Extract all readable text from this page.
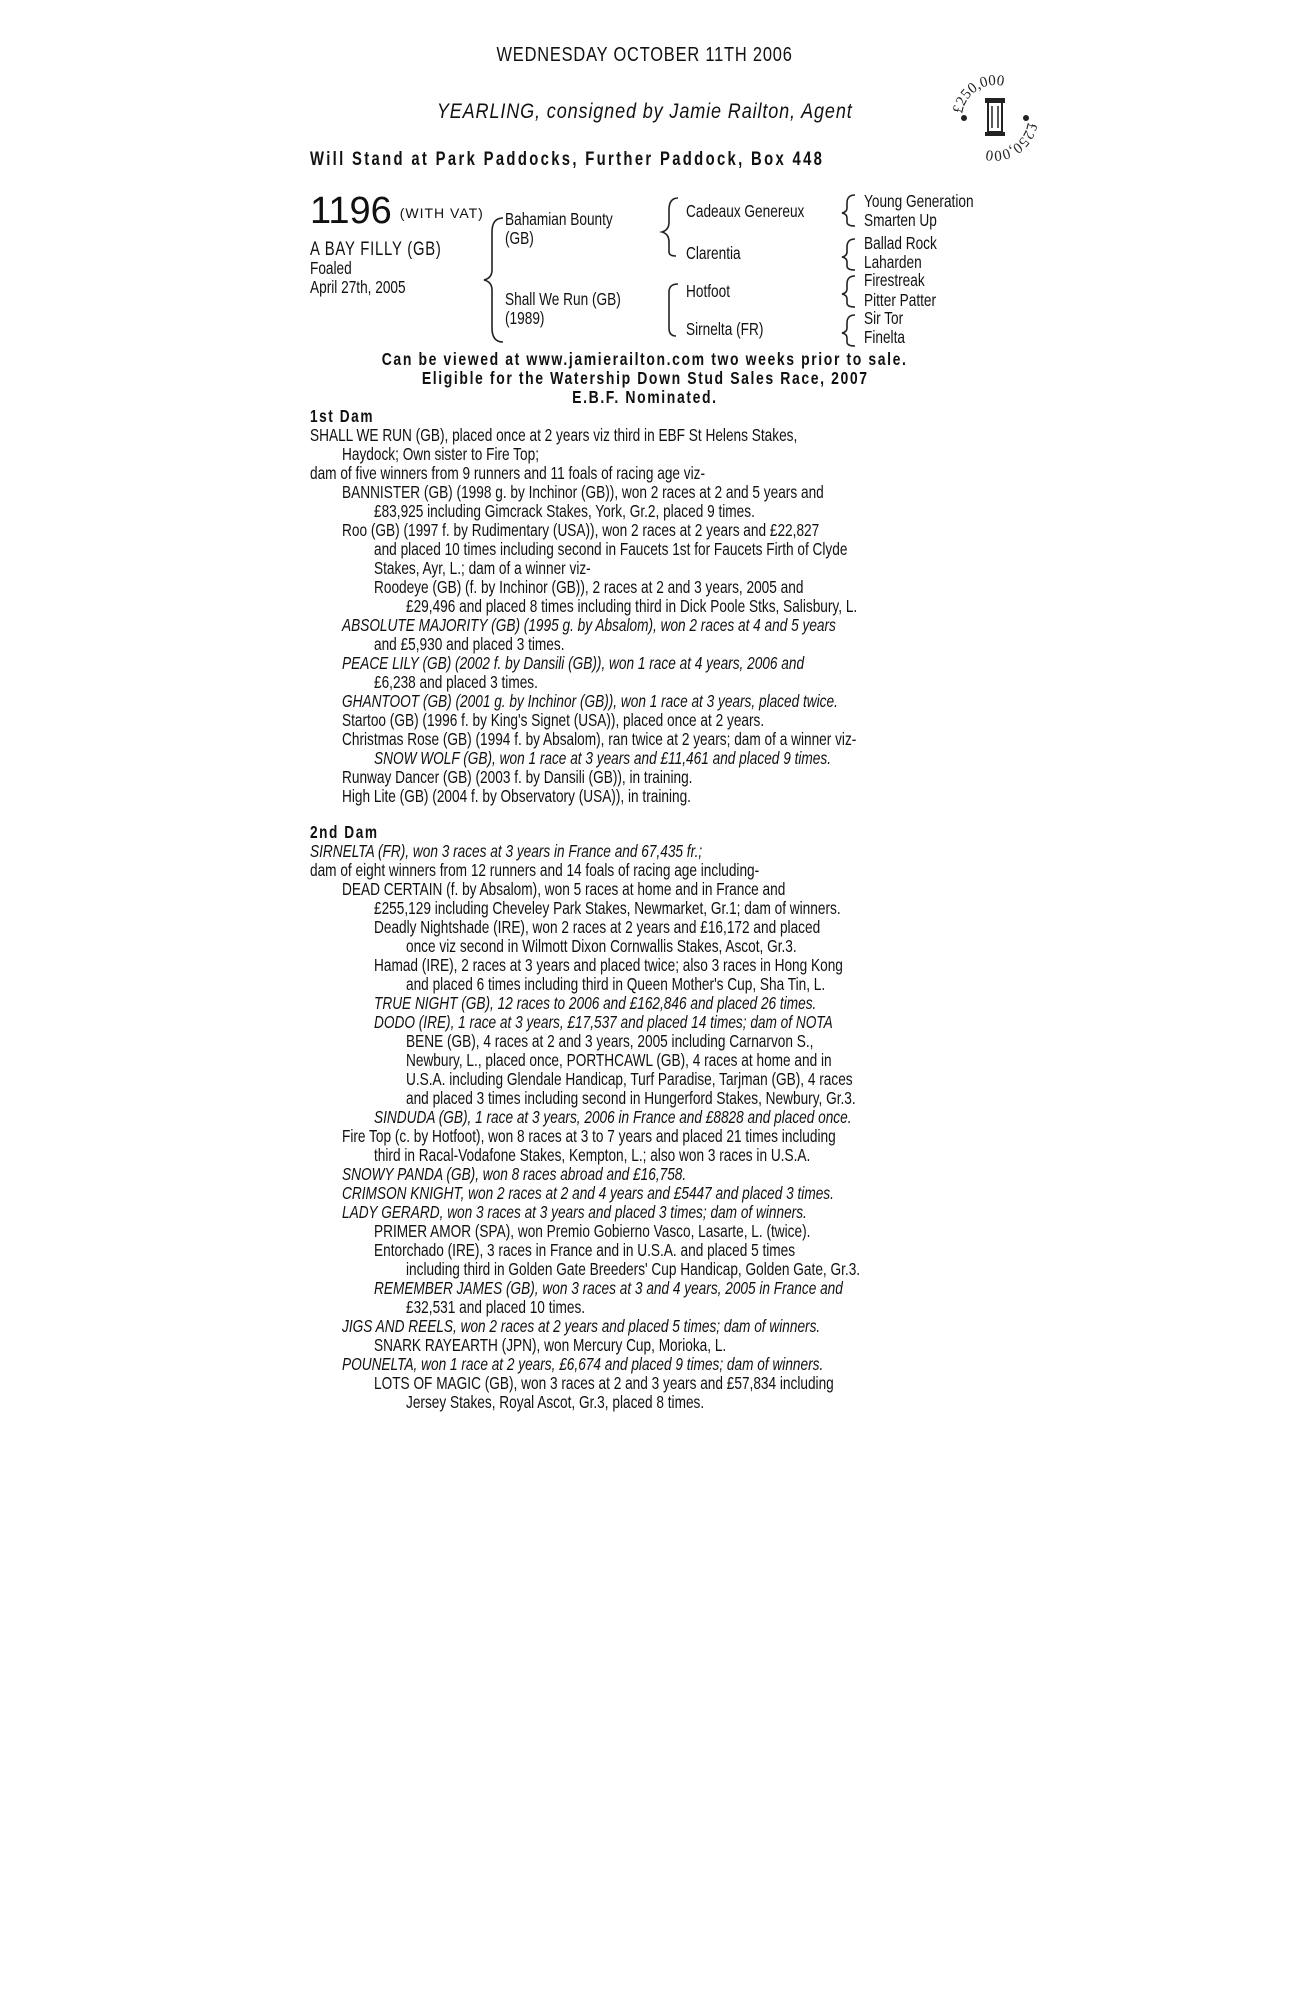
WEDNESDAY OCTOBER 11TH 2006
YEARLING, consigned by Jamie Railton, Agent
Will Stand at Park Paddocks, Further Paddock, Box 448
£250,000
£250,000
1196 (WITH VAT)
A BAY FILLY (GB)
Foaled
April 27th, 2005
Bahamian Bounty
(GB)
Shall We Run (GB)
(1989)
Cadeaux Genereux
Clarentia
Hotfoot
Sirnelta (FR)
Young Generation
Smarten Up
Ballad Rock
Laharden
Firestreak
Pitter Patter
Sir Tor
Finelta
Can be viewed at www.jamierailton.com two weeks prior to sale.
Eligible for the Watership Down Stud Sales Race, 2007
E.B.F. Nominated.
1st Dam
SHALL WE RUN (GB), placed once at 2 years viz third in EBF St Helens Stakes,
Haydock; Own sister to Fire Top;
dam of five winners from 9 runners and 11 foals of racing age viz-
BANNISTER (GB) (1998 g. by Inchinor (GB)), won 2 races at 2 and 5 years and
£83,925 including Gimcrack Stakes, York, Gr.2, placed 9 times.
Roo (GB) (1997 f. by Rudimentary (USA)), won 2 races at 2 years and £22,827
and placed 10 times including second in Faucets 1st for Faucets Firth of Clyde
Stakes, Ayr, L.; dam of a winner viz-
Roodeye (GB) (f. by Inchinor (GB)), 2 races at 2 and 3 years, 2005 and
£29,496 and placed 8 times including third in Dick Poole Stks, Salisbury, L.
ABSOLUTE MAJORITY (GB) (1995 g. by Absalom), won 2 races at 4 and 5 years
and £5,930 and placed 3 times.
PEACE LILY (GB) (2002 f. by Dansili (GB)), won 1 race at 4 years, 2006 and
£6,238 and placed 3 times.
GHANTOOT (GB) (2001 g. by Inchinor (GB)), won 1 race at 3 years, placed twice.
Startoo (GB) (1996 f. by King's Signet (USA)), placed once at 2 years.
Christmas Rose (GB) (1994 f. by Absalom), ran twice at 2 years; dam of a winner viz-
SNOW WOLF (GB), won 1 race at 3 years and £11,461 and placed 9 times.
Runway Dancer (GB) (2003 f. by Dansili (GB)), in training.
High Lite (GB) (2004 f. by Observatory (USA)), in training.
2nd Dam
SIRNELTA (FR), won 3 races at 3 years in France and 67,435 fr.;
dam of eight winners from 12 runners and 14 foals of racing age including-
DEAD CERTAIN (f. by Absalom), won 5 races at home and in France and
£255,129 including Cheveley Park Stakes, Newmarket, Gr.1; dam of winners.
Deadly Nightshade (IRE), won 2 races at 2 years and £16,172 and placed
once viz second in Wilmott Dixon Cornwallis Stakes, Ascot, Gr.3.
Hamad (IRE), 2 races at 3 years and placed twice; also 3 races in Hong Kong
and placed 6 times including third in Queen Mother's Cup, Sha Tin, L.
TRUE NIGHT (GB), 12 races to 2006 and £162,846 and placed 26 times.
DODO (IRE), 1 race at 3 years, £17,537 and placed 14 times; dam of NOTA
BENE (GB), 4 races at 2 and 3 years, 2005 including Carnarvon S.,
Newbury, L., placed once, PORTHCAWL (GB), 4 races at home and in
U.S.A. including Glendale Handicap, Turf Paradise, Tarjman (GB), 4 races
and placed 3 times including second in Hungerford Stakes, Newbury, Gr.3.
SINDUDA (GB), 1 race at 3 years, 2006 in France and £8828 and placed once.
Fire Top (c. by Hotfoot), won 8 races at 3 to 7 years and placed 21 times including
third in Racal-Vodafone Stakes, Kempton, L.; also won 3 races in U.S.A.
SNOWY PANDA (GB), won 8 races abroad and £16,758.
CRIMSON KNIGHT, won 2 races at 2 and 4 years and £5447 and placed 3 times.
LADY GERARD, won 3 races at 3 years and placed 3 times; dam of winners.
PRIMER AMOR (SPA), won Premio Gobierno Vasco, Lasarte, L. (twice).
Entorchado (IRE), 3 races in France and in U.S.A. and placed 5 times
including third in Golden Gate Breeders' Cup Handicap, Golden Gate, Gr.3.
REMEMBER JAMES (GB), won 3 races at 3 and 4 years, 2005 in France and
£32,531 and placed 10 times.
JIGS AND REELS, won 2 races at 2 years and placed 5 times; dam of winners.
SNARK RAYEARTH (JPN), won Mercury Cup, Morioka, L.
POUNELTA, won 1 race at 2 years, £6,674 and placed 9 times; dam of winners.
LOTS OF MAGIC (GB), won 3 races at 2 and 3 years and £57,834 including
Jersey Stakes, Royal Ascot, Gr.3, placed 8 times.
